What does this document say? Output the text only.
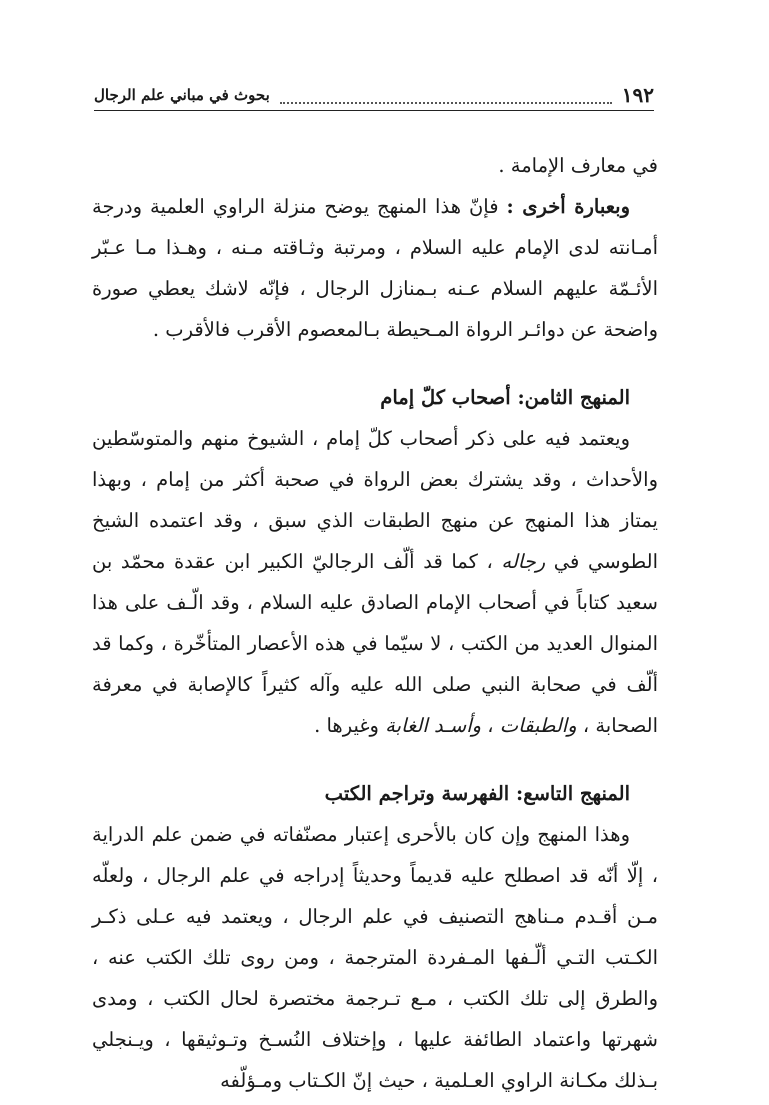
١٩٢
بحوث في مباني علم الرجال

في معارف الإمامة .

وبعبارة أخرى : فإنّ هذا المنهج يوضح منزلة الراوي العلمية ودرجة أمـانته لدى الإمام عليه السلام ، ومرتبة وثـاقته مـنه ، وهـذا مـا عـبّر الأئـمّة عليهم السلام عـنه بـمنازل الرجال ، فإنّه لاشك يعطي صورة واضحة عن دوائـر الرواة المـحيطة بـالمعصوم الأقرب فالأقرب .

المنهج الثامن: أصحاب كلّ إمام

ويعتمد فيه على ذكر أصحاب كلّ إمام ، الشيوخ منهم والمتوسّطين والأحداث ، وقد يشترك بعض الرواة في صحبة أكثر من إمام ، وبهذا يمتاز هذا المنهج عن منهج الطبقات الذي سبق ، وقد اعتمده الشيخ الطوسي في رجاله ، كما قد ألّف الرجاليّ الكبير ابن عقدة محمّد بن سعيد كتاباً في أصحاب الإمام الصادق عليه السلام ، وقد الّـف على هذا المنوال العديد من الكتب ، لا سيّما في هذه الأعصار المتأخّرة ، وكما قد ألّف في صحابة النبي صلى الله عليه وآله كثيراً كالإصابة في معرفة الصحابة ، والطبقات ، وأسـد الغابة وغيرها .

المنهج التاسع: الفهرسة وتراجم الكتب

وهذا المنهج وإن كان بالأحرى إعتبار مصنّفاته في ضمن علم الدراية ، إلّا أنّه قد اصطلح عليه قديماً وحديثاً إدراجه في علم الرجال ، ولعلّه مـن أقـدم مـناهج التصنيف في علم الرجال ، ويعتمد فيه عـلى ذكـر الكـتب التـي ألّـفها المـفردة المترجمة ، ومن روى تلك الكتب عنه ، والطرق إلى تلك الكتب ، مـع تـرجمة مختصرة لحال الكتب ، ومدى شهرتها واعتماد الطائفة عليها ، وإختلاف النُسـخ وتـوثيقها ، ويـنجلي بـذلك مكـانة الراوي العـلمية ، حيث إنّ الكـتاب ومـؤلّفه
